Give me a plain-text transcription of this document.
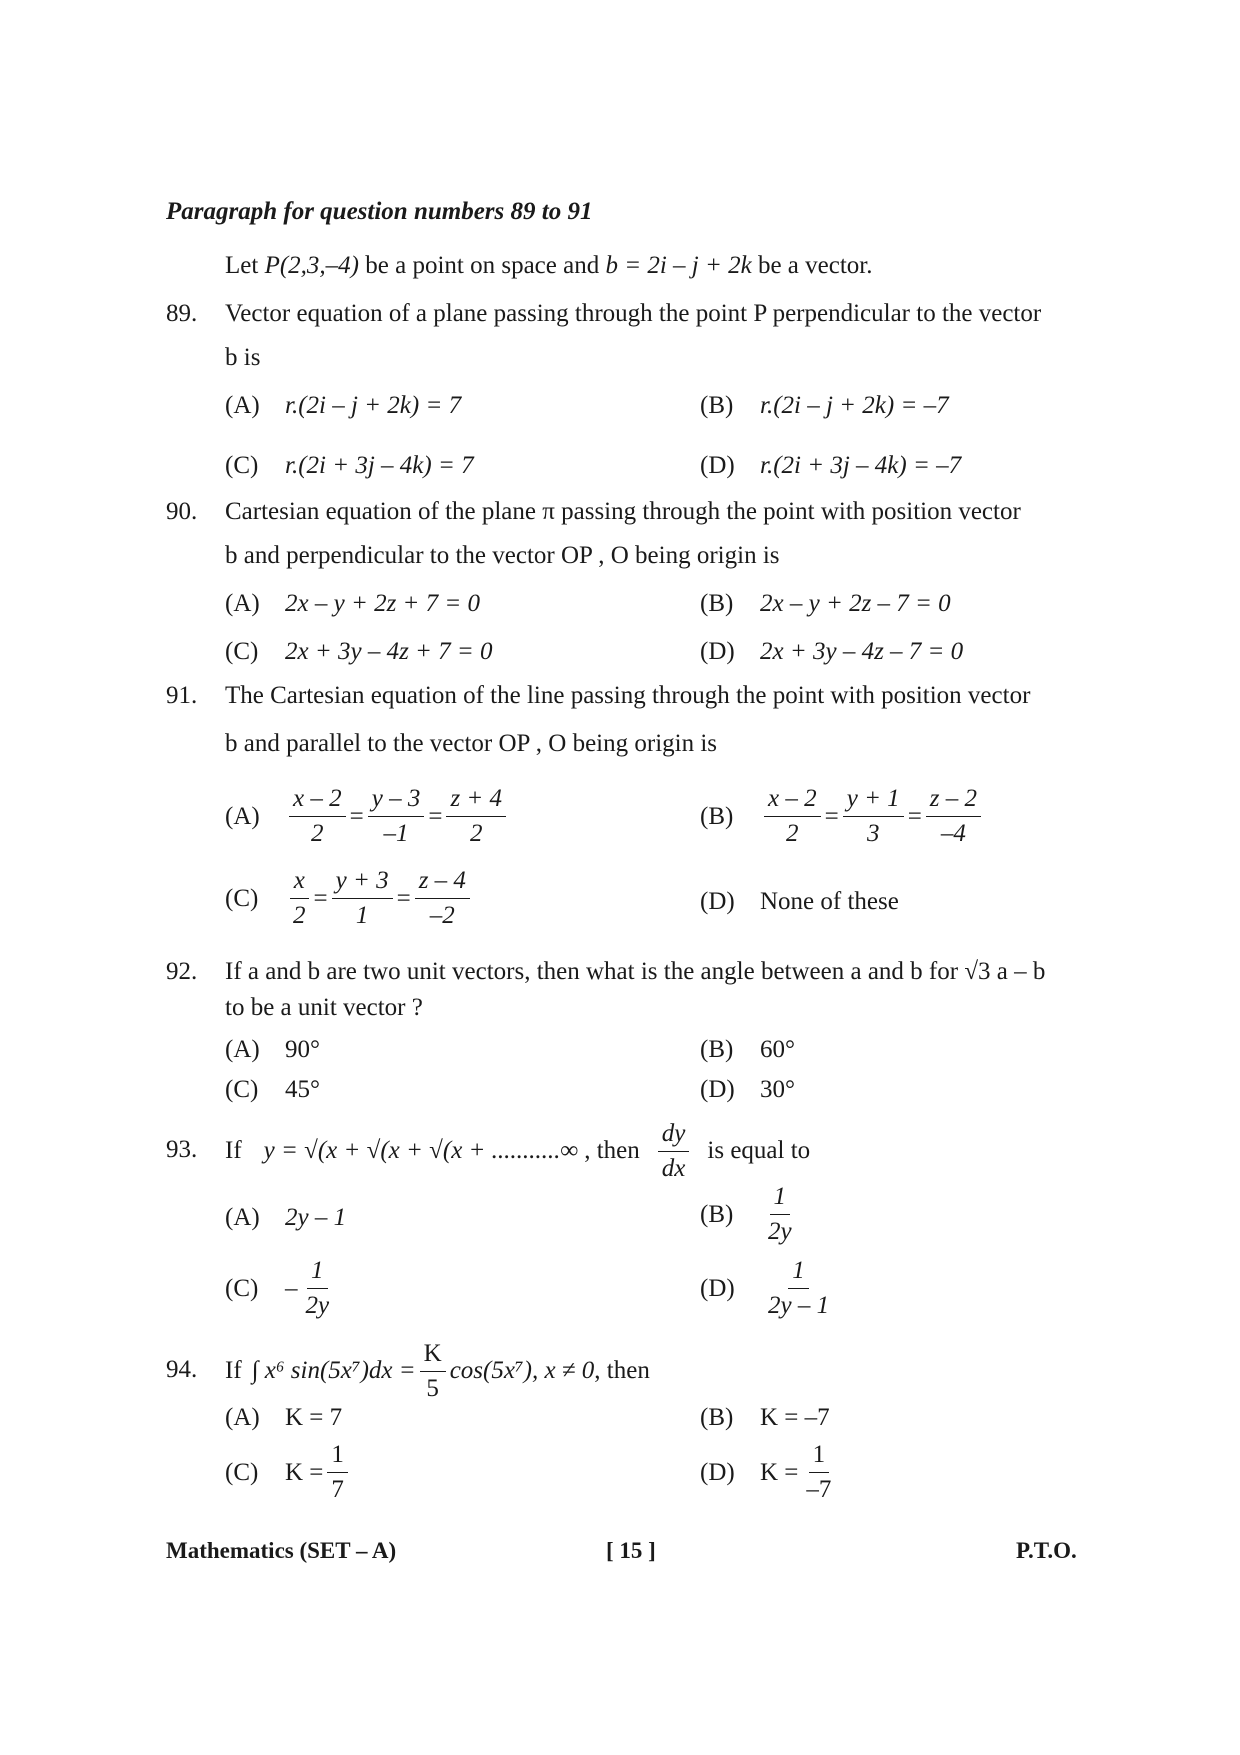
Paragraph for question numbers 89 to 91
Let P(2,3,–4) be a point on space and b = 2i – j + 2k be a vector.
89. Vector equation of a plane passing through the point P perpendicular to the vector
b is
(A) r.(2i – j + 2k) = 7	(B) r.(2i – j + 2k) = –7
(C) r.(2i + 3j – 4k) = 7	(D) r.(2i + 3j – 4k) = –7
90. Cartesian equation of the plane π passing through the point with position vector
b and perpendicular to the vector OP , O being origin is
(A) 2x – y + 2z + 7 = 0	(B) 2x – y + 2z – 7 = 0
(C) 2x + 3y – 4z + 7 = 0	(D) 2x + 3y – 4z – 7 = 0
91. The Cartesian equation of the line passing through the point with position vector
b and parallel to the vector OP , O being origin is
(A)	$\frac{x - 2}{2} = \frac{y - 3}{-1} = \frac{z + 4}{2}$	(B)	$\frac{x - 2}{2} = \frac{y + 1}{3} = \frac{z - 2}{-4}$
(C)	$\frac{x}{2} = \frac{y + 3}{1} = \frac{z - 4}{-2}$	(D) None of these
92. If a and b are two unit vectors, then what is the angle between a and b for √3 a – b
to be a unit vector ?
(A) 90°	(B) 60°
(C) 45°	(D) 30°
93. If y = √(x + √(x + √(x + ...........∞ , then $\frac{dy}{dx}$ is equal to
(A) 2y – 1	(B)	$\frac{1}{2y}$
(C)	– $\frac{1}{2y}$	(D)	$\frac{1}{2y - 1}$
94. If ∫ x⁶ $\sin(5x^7)dx = \frac{K}{5} \cos(5x^7)$, x ≠ 0 , then
(A) K = 7	(B) K = –7
(C)	$K = \frac{1}{7}$	(D)	$K = \frac{1}{-7}$
Mathematics (SET – A)	[ 15 ]	P.T.O.
